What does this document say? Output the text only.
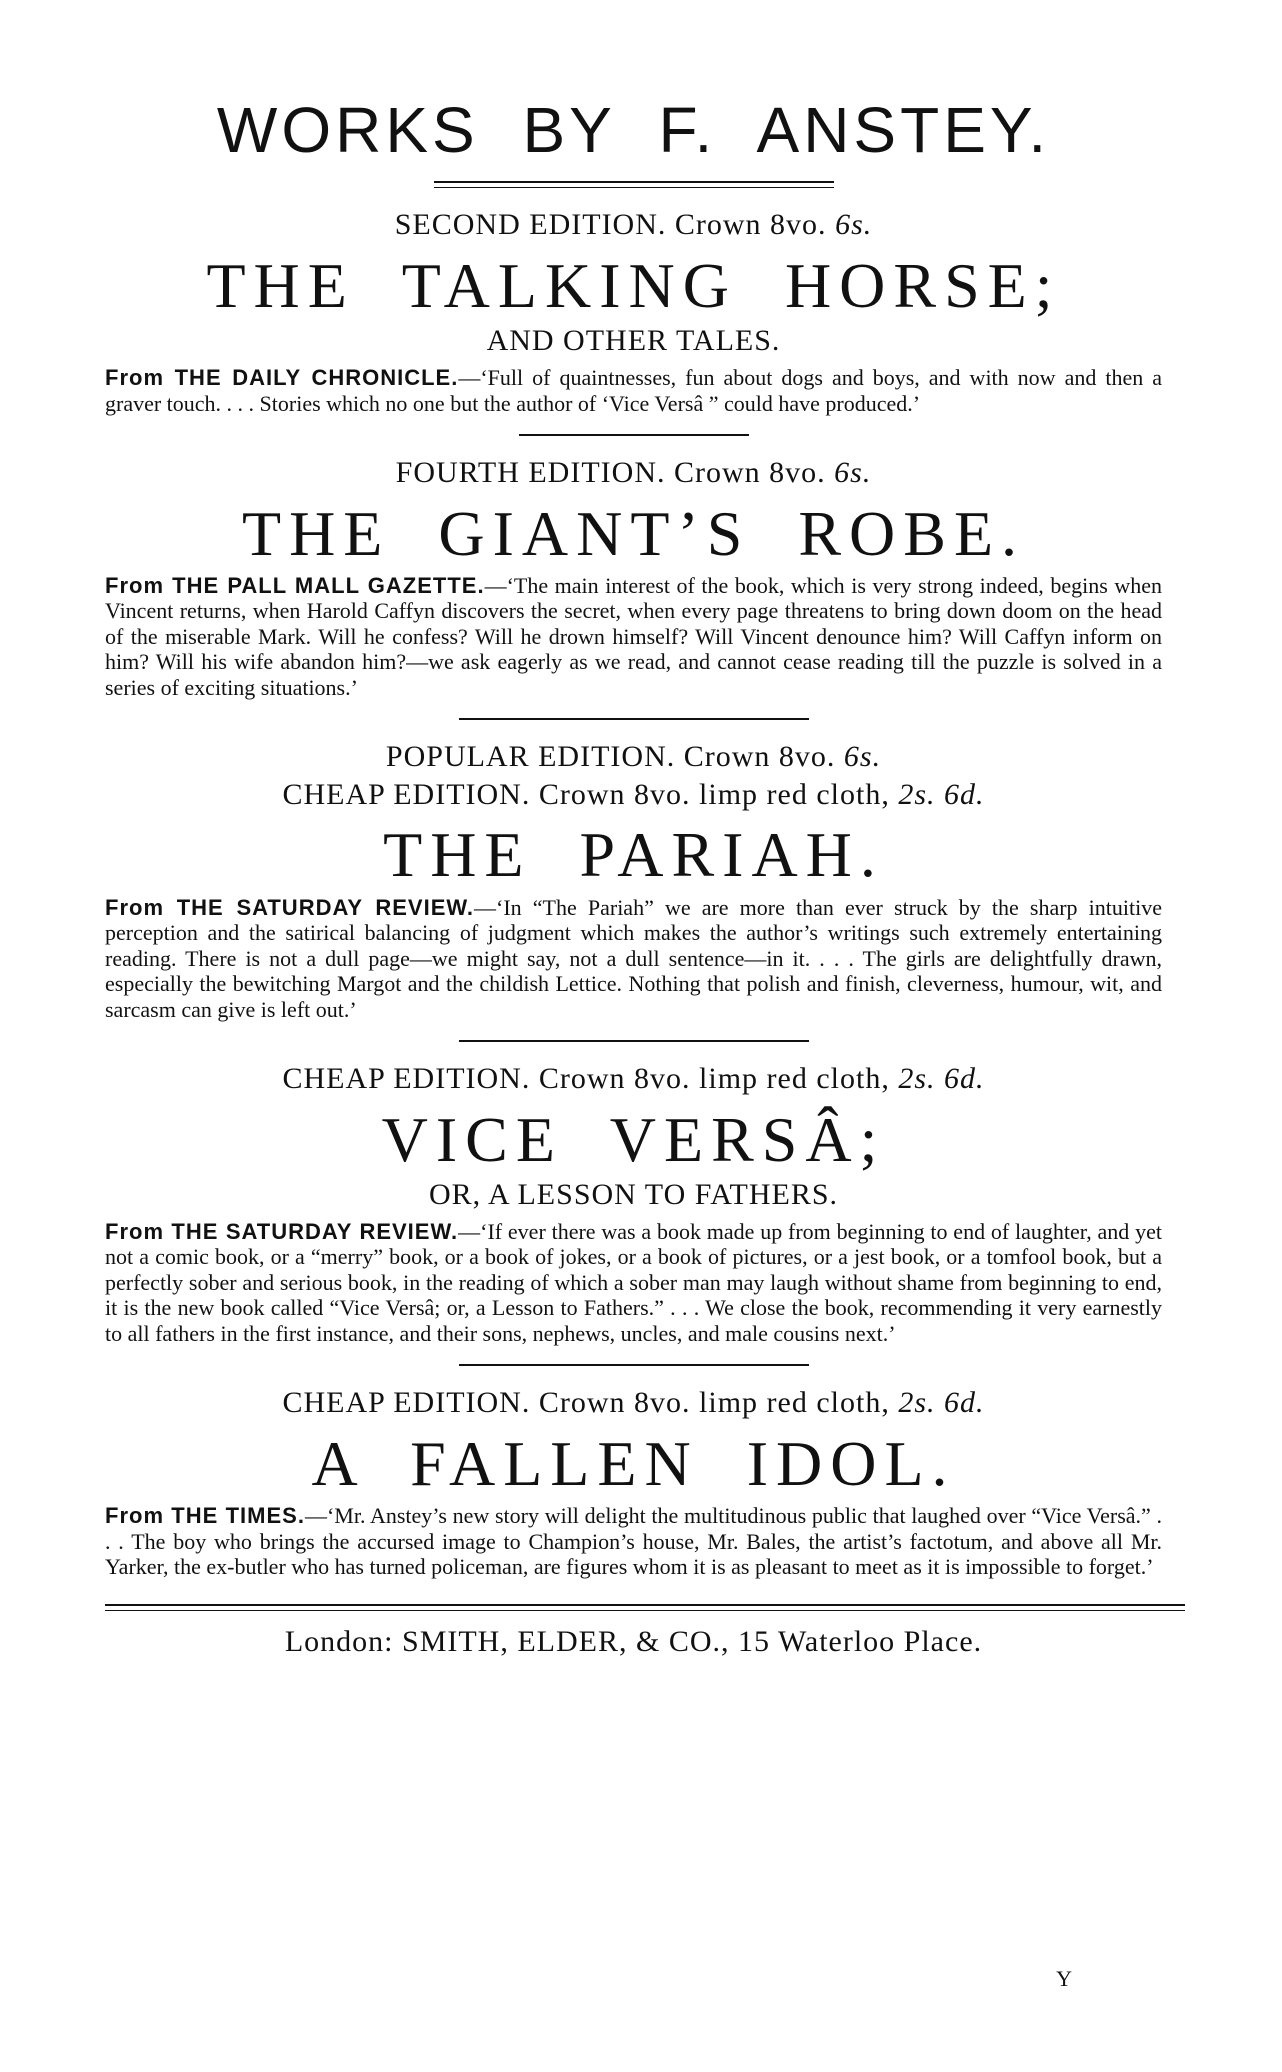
WORKS BY F. ANSTEY.

SECOND EDITION. Crown 8vo. 6s.

THE TALKING HORSE;

AND OTHER TALES.

From THE DAILY CHRONICLE.—‘Full of quaintnesses, fun about dogs and boys, and with now and then a graver touch. . . . Stories which no one but the author of ‘Vice Versâ ” could have produced.’

FOURTH EDITION. Crown 8vo. 6s.

THE GIANT’S ROBE.

From THE PALL MALL GAZETTE.—‘The main interest of the book, which is very strong indeed, begins when Vincent returns, when Harold Caffyn discovers the secret, when every page threatens to bring down doom on the head of the miserable Mark. Will he confess? Will he drown himself? Will Vincent denounce him? Will Caffyn inform on him? Will his wife abandon him?—we ask eagerly as we read, and cannot cease reading till the puzzle is solved in a series of exciting situations.’

POPULAR EDITION. Crown 8vo. 6s.

CHEAP EDITION. Crown 8vo. limp red cloth, 2s. 6d.

THE PARIAH.

From THE SATURDAY REVIEW.—‘In “The Pariah” we are more than ever struck by the sharp intuitive perception and the satirical balancing of judgment which makes the author’s writings such extremely entertaining reading. There is not a dull page—we might say, not a dull sentence—in it. . . . The girls are delightfully drawn, especially the bewitching Margot and the childish Lettice. Nothing that polish and finish, cleverness, humour, wit, and sarcasm can give is left out.’

CHEAP EDITION. Crown 8vo. limp red cloth, 2s. 6d.

VICE VERSÂ;

OR, A LESSON TO FATHERS.

From THE SATURDAY REVIEW.—‘If ever there was a book made up from beginning to end of laughter, and yet not a comic book, or a “merry” book, or a book of jokes, or a book of pictures, or a jest book, or a tomfool book, but a perfectly sober and serious book, in the reading of which a sober man may laugh without shame from beginning to end, it is the new book called “Vice Versâ; or, a Lesson to Fathers.” . . . We close the book, recommending it very earnestly to all fathers in the first instance, and their sons, nephews, uncles, and male cousins next.’

CHEAP EDITION. Crown 8vo. limp red cloth, 2s. 6d.

A FALLEN IDOL.

From THE TIMES.—‘Mr. Anstey’s new story will delight the multitudinous public that laughed over “Vice Versâ.” . . . The boy who brings the accursed image to Champion’s house, Mr. Bales, the artist’s factotum, and above all Mr. Yarker, the ex-butler who has turned policeman, are figures whom it is as pleasant to meet as it is impossible to forget.’

London: SMITH, ELDER, & CO., 15 Waterloo Place.

Y
